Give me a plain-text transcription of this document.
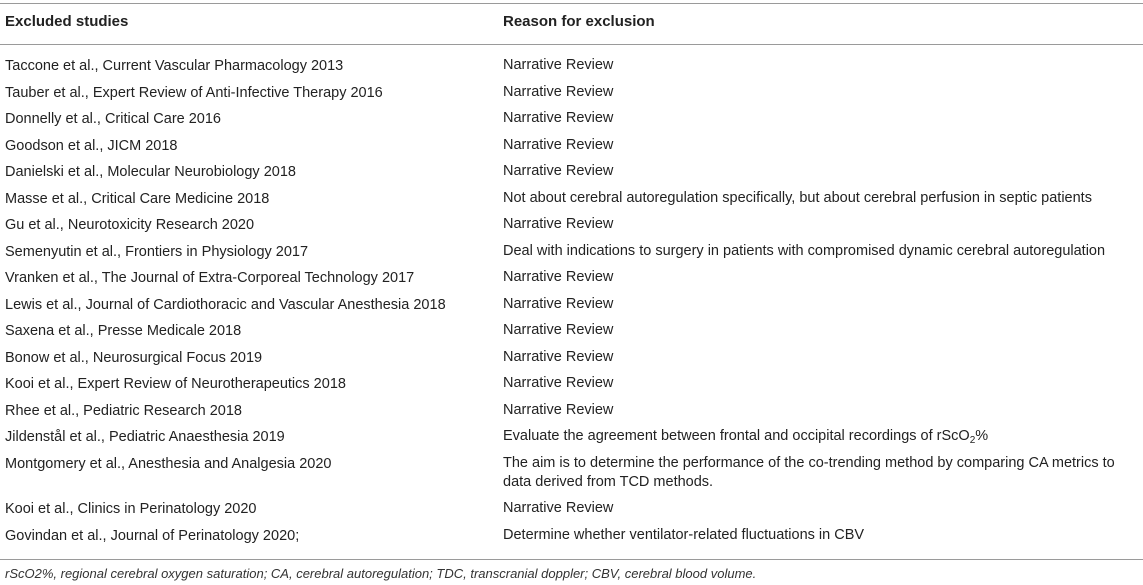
Excluded studies	Reason for exclusion
Taccone et al., Current Vascular Pharmacology 2013	Narrative Review
Tauber et al., Expert Review of Anti-Infective Therapy 2016	Narrative Review
Donnelly et al., Critical Care 2016	Narrative Review
Goodson et al., JICM 2018	Narrative Review
Danielski et al., Molecular Neurobiology 2018	Narrative Review
Masse et al., Critical Care Medicine 2018	Not about cerebral autoregulation specifically, but about cerebral perfusion in septic patients
Gu et al., Neurotoxicity Research 2020	Narrative Review
Semenyutin et al., Frontiers in Physiology 2017	Deal with indications to surgery in patients with compromised dynamic cerebral autoregulation
Vranken et al., The Journal of Extra-Corporeal Technology 2017	Narrative Review
Lewis et al., Journal of Cardiothoracic and Vascular Anesthesia 2018	Narrative Review
Saxena et al., Presse Medicale 2018	Narrative Review
Bonow et al., Neurosurgical Focus 2019	Narrative Review
Kooi et al., Expert Review of Neurotherapeutics 2018	Narrative Review
Rhee et al., Pediatric Research 2018	Narrative Review
Jildenstål et al., Pediatric Anaesthesia 2019	Evaluate the agreement between frontal and occipital recordings of rScO$_2$%
Montgomery et al., Anesthesia and Analgesia 2020	The aim is to determine the performance of the co-trending method by comparing CA metrics to data derived from TCD methods.
Kooi et al., Clinics in Perinatology 2020	Narrative Review
Govindan et al., Journal of Perinatology 2020;	Determine whether ventilator-related fluctuations in CBV
rScO2%, regional cerebral oxygen saturation; CA, cerebral autoregulation; TDC, transcranial doppler; CBV, cerebral blood volume.
